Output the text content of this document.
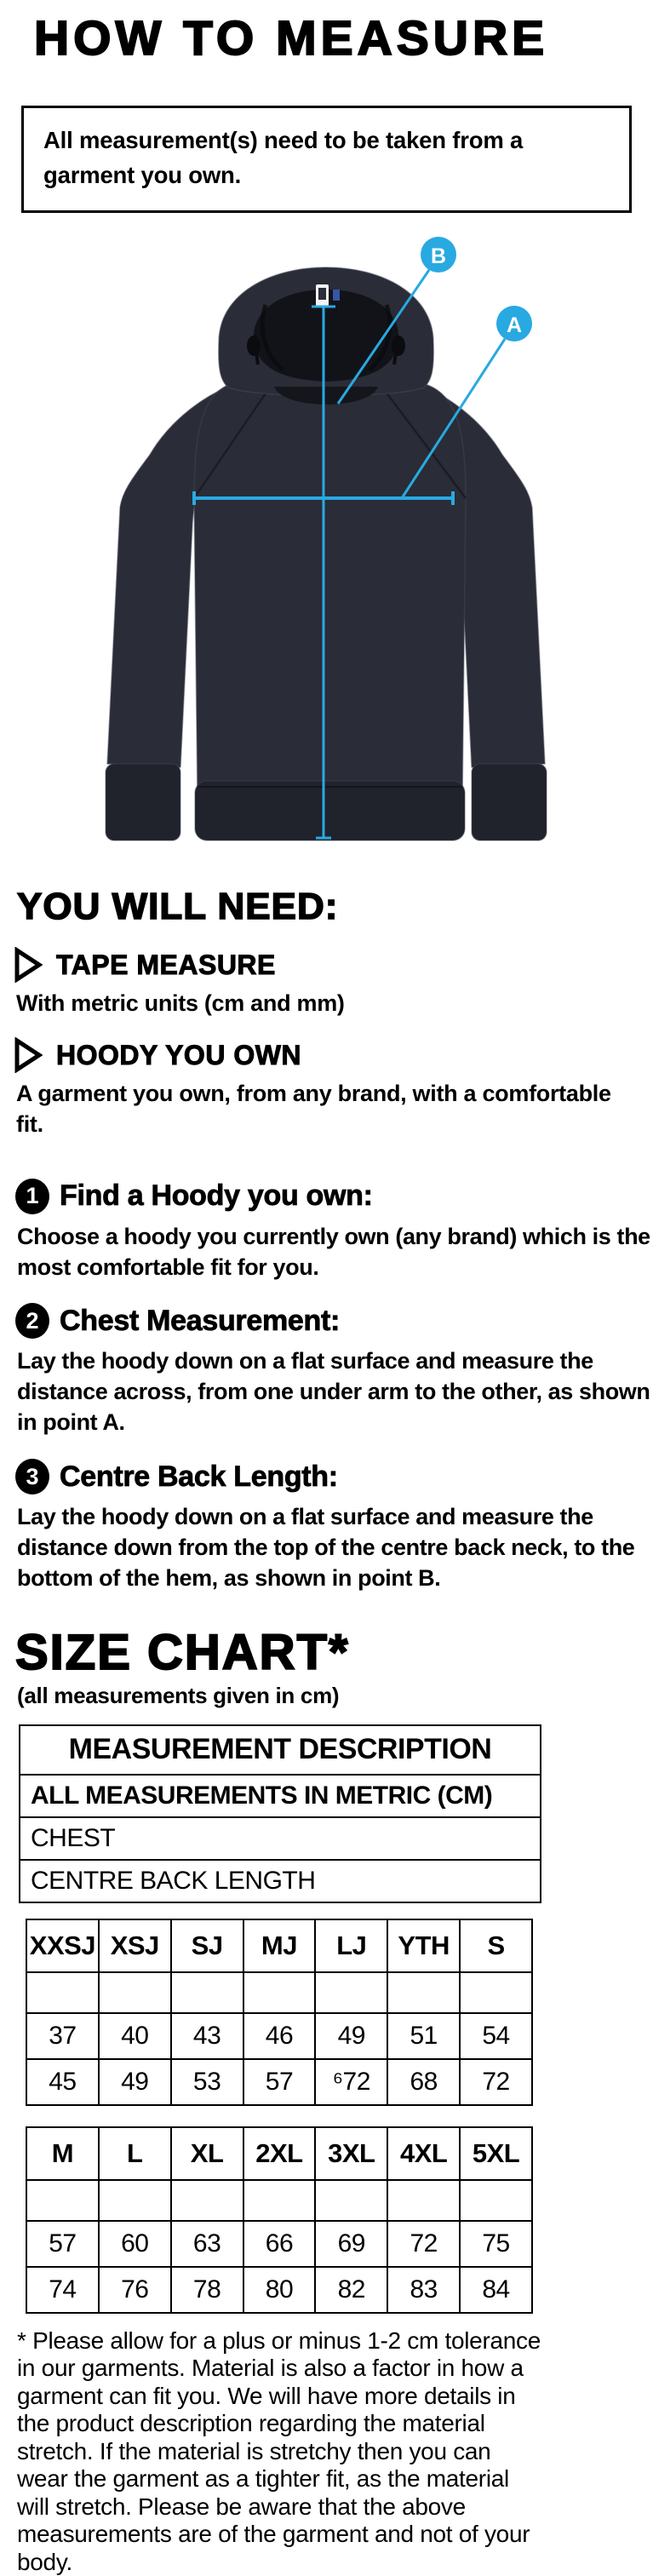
HOW TO MEASURE

All measurement(s) need to be taken from a garment you own.

B
A
YOU WILL NEED:
TAPE MEASURE

With metric units (cm and mm)

HOODY YOU OWN

A garment you own, from any brand, with a comfortable fit.

1 Find a Hoody you own:

Choose a hoody you currently own (any brand) which is the most comfortable fit for you.

2 Chest Measurement:

Lay the hoody down on a flat surface and measure the distance across, from one under arm to the other, as shown in point A.

3 Centre Back Length:

Lay the hoody down on a flat surface and measure the distance down from the top of the centre back neck, to the bottom of the hem, as shown in point B.

SIZE CHART*
(all measurements given in cm)
MEASUREMENT DESCRIPTION
ALL MEASUREMENTS IN METRIC (CM)
CHEST
CENTRE BACK LENGTH
XXSJ	XSJ	SJ	MJ	LJ	YTH	S

37	40	43	46	49	51	54
45	49	53	57	⁶72	68	72
M	L	XL	2XL	3XL	4XL	5XL

57	60	63	66	69	72	75
74	76	78	80	82	83	84

* Please allow for a plus or minus 1-2 cm tolerance in our garments. Material is also a factor in how a garment can fit you. We will have more details in the product description regarding the material stretch. If the material is stretchy then you can wear the garment as a tighter fit, as the material will stretch. Please be aware that the above measurements are of the garment and not of your body.
